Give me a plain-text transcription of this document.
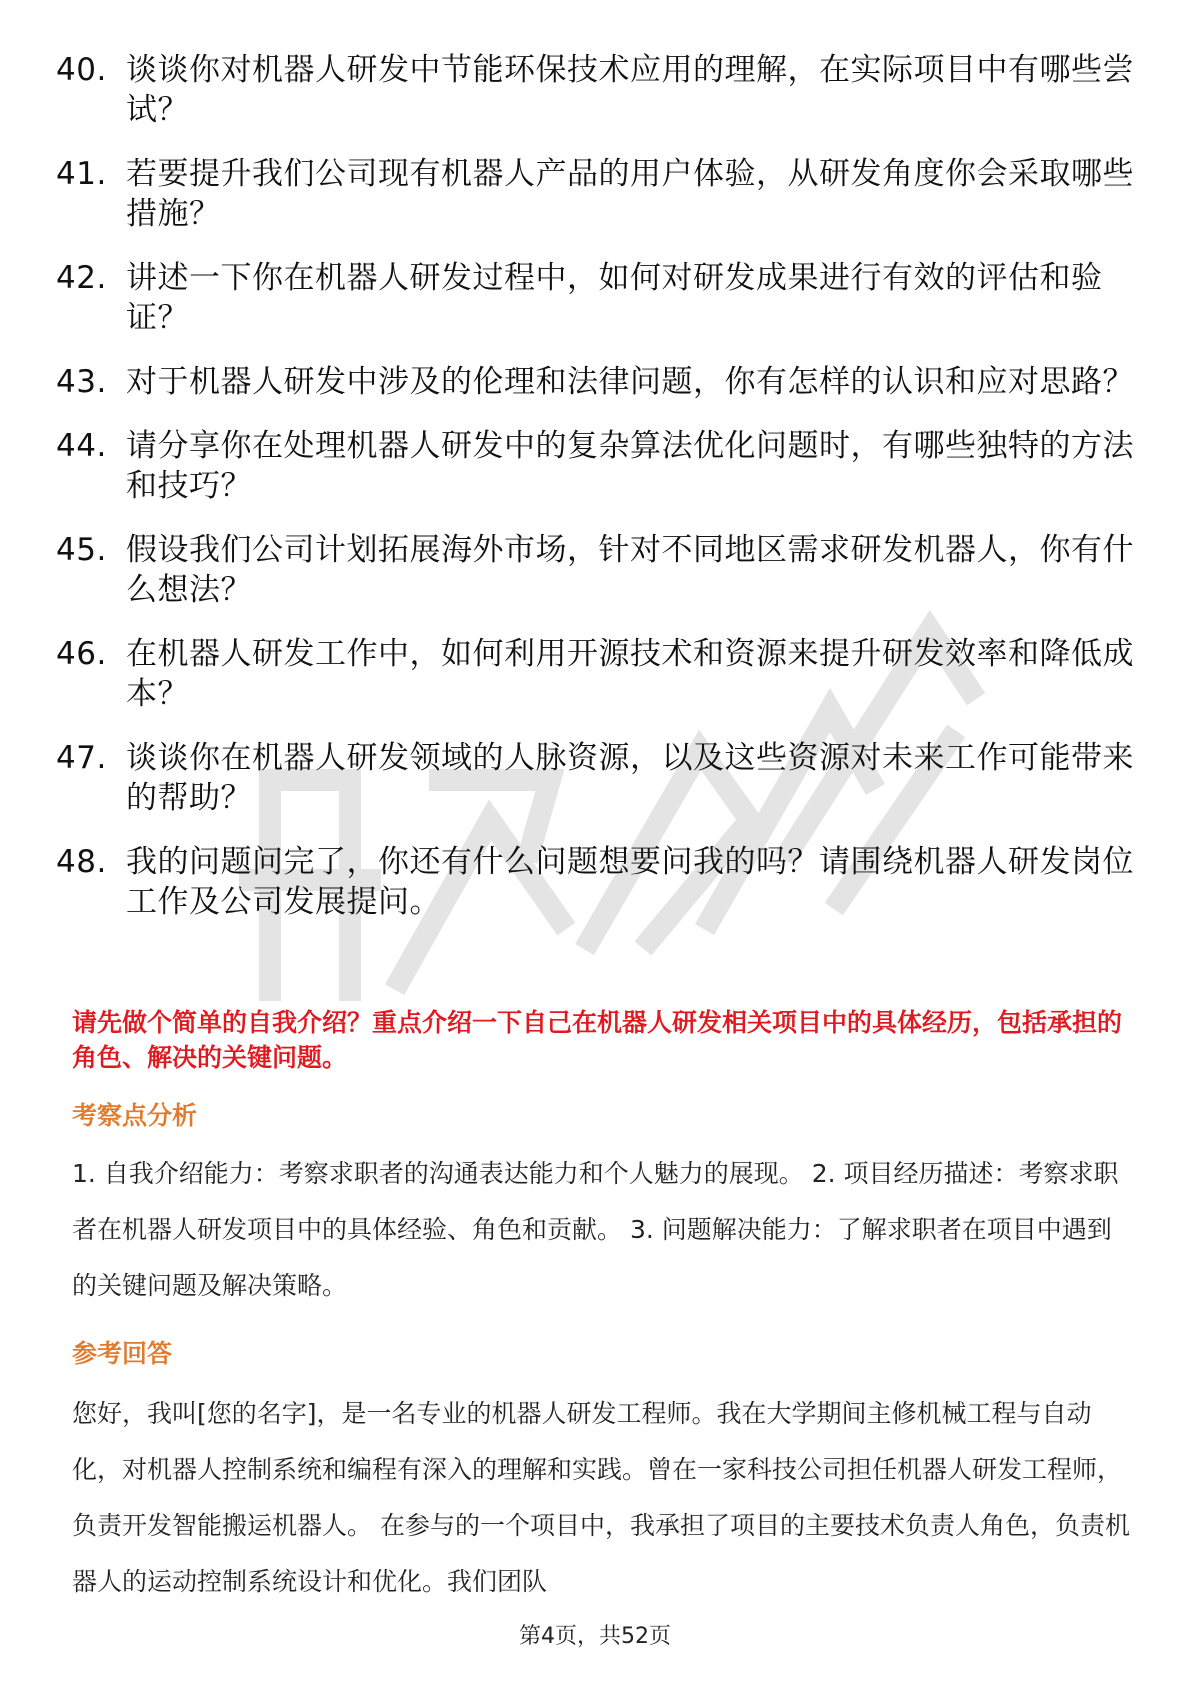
40. 谈谈你对机器人研发中节能环保技术应用的理解，在实际项目中有哪些尝试？
41. 若要提升我们公司现有机器人产品的用户体验，从研发角度你会采取哪些措施？
42. 讲述一下你在机器人研发过程中，如何对研发成果进行有效的评估和验证？
43. 对于机器人研发中涉及的伦理和法律问题，你有怎样的认识和应对思路？
44. 请分享你在处理机器人研发中的复杂算法优化问题时，有哪些独特的方法和技巧？
45. 假设我们公司计划拓展海外市场，针对不同地区需求研发机器人，你有什么想法？
46. 在机器人研发工作中，如何利用开源技术和资源来提升研发效率和降低成本？
47. 谈谈你在机器人研发领域的人脉资源，以及这些资源对未来工作可能带来的帮助？
48. 我的问题问完了，你还有什么问题想要问我的吗？请围绕机器人研发岗位工作及公司发展提问。

请先做个简单的自我介绍？重点介绍一下自己在机器人研发相关项目中的具体经历，包括承担的角色、解决的关键问题。

考察点分析

1. 自我介绍能力：考察求职者的沟通表达能力和个人魅力的展现。 2. 项目经历描述：考察求职者在机器人研发项目中的具体经验、角色和贡献。 3. 问题解决能力：了解求职者在项目中遇到的关键问题及解决策略。

参考回答

您好，我叫[您的名字]，是一名专业的机器人研发工程师。我在大学期间主修机械工程与自动化，对机器人控制系统和编程有深入的理解和实践。曾在一家科技公司担任机器人研发工程师，负责开发智能搬运机器人。 在参与的一个项目中，我承担了项目的主要技术负责人角色，负责机器人的运动控制系统设计和优化。我们团队

第4页，共52页
